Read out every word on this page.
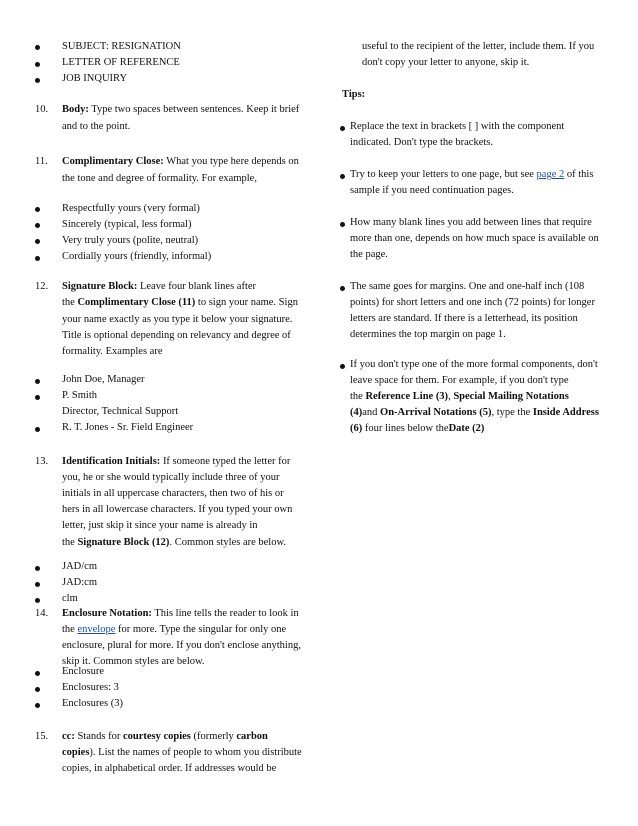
SUBJECT: RESIGNATION
LETTER OF REFERENCE
JOB INQUIRY
10. Body: Type two spaces between sentences. Keep it brief
and to the point.
11. Complimentary Close: What you type here depends on
the tone and degree of formality. For example,
Respectfully yours (very formal)
Sincerely (typical, less formal)
Very truly yours (polite, neutral)
Cordially yours (friendly, informal)
12. Signature Block: Leave four blank lines after
the Complimentary Close (11) to sign your name. Sign
your name exactly as you type it below your signature.
Title is optional depending on relevancy and degree of
formality. Examples are
John Doe, Manager
P. Smith
Director, Technical Support
R. T. Jones - Sr. Field Engineer
13. Identification Initials: If someone typed the letter for
you, he or she would typically include three of your
initials in all uppercase characters, then two of his or
hers in all lowercase characters. If you typed your own
letter, just skip it since your name is already in
the Signature Block (12). Common styles are below.
JAD/cm
JAD:cm
clm
14. Enclosure Notation: This line tells the reader to look in
the envelope for more. Type the singular for only one
enclosure, plural for more. If you don't enclose anything,
skip it. Common styles are below.
Enclosure
Enclosures: 3
Enclosures (3)
15. cc: Stands for courtesy copies (formerly carbon
copies). List the names of people to whom you distribute
copies, in alphabetical order. If addresses would be
useful to the recipient of the letter, include them. If you
don't copy your letter to anyone, skip it.
Tips:
Replace the text in brackets [ ] with the component
indicated. Don't type the brackets.
Try to keep your letters to one page, but see page 2 of this
sample if you need continuation pages.
How many blank lines you add between lines that require
more than one, depends on how much space is available on
the page.
The same goes for margins. One and one-half inch (108
points) for short letters and one inch (72 points) for longer
letters are standard. If there is a letterhead, its position
determines the top margin on page 1.
If you don't type one of the more formal components, don't
leave space for them. For example, if you don't type
the Reference Line (3), Special Mailing Notations
(4)and On-Arrival Notations (5), type the Inside Address
(6) four lines below theDate (2)
